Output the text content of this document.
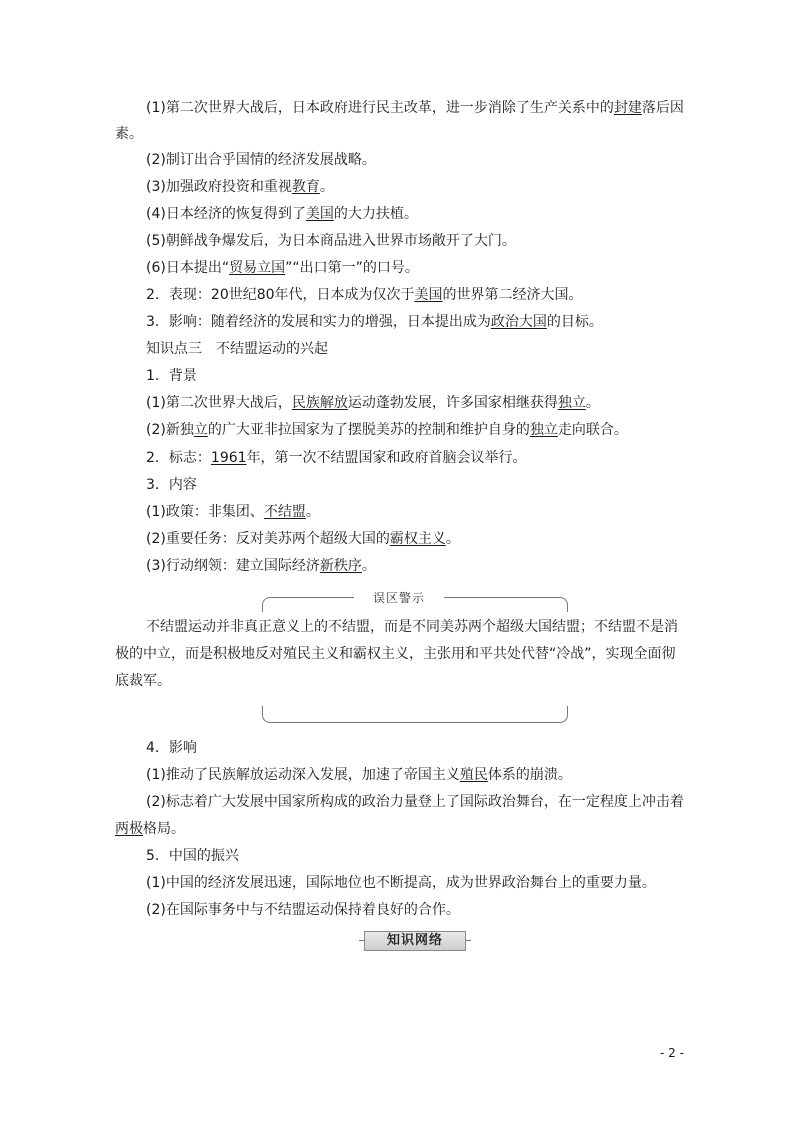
(1)第二次世界大战后，日本政府进行民主改革，进一步消除了生产关系中的封建落后因
素。
(2)制订出合乎国情的经济发展战略。
(3)加强政府投资和重视教育。
(4)日本经济的恢复得到了美国的大力扶植。
(5)朝鲜战争爆发后，为日本商品进入世界市场敞开了大门。
(6)日本提出“贸易立国”“出口第一”的口号。
2．表现：20世纪80年代，日本成为仅次于美国的世界第二经济大国。
3．影响：随着经济的发展和实力的增强，日本提出成为政治大国的目标。
知识点三　不结盟运动的兴起
1．背景
(1)第二次世界大战后，民族解放运动蓬勃发展，许多国家相继获得独立。
(2)新独立的广大亚非拉国家为了摆脱美苏的控制和维护自身的独立走向联合。
2．标志：1961年，第一次不结盟国家和政府首脑会议举行。
3．内容
(1)政策：非集团、不结盟。
(2)重要任务：反对美苏两个超级大国的霸权主义。
(3)行动纲领：建立国际经济新秩序。
误区警示
不结盟运动并非真正意义上的不结盟，而是不同美苏两个超级大国结盟；不结盟不是消极的中立，而是积极地反对殖民主义和霸权主义，主张用和平共处代替“冷战”，实现全面彻底裁军。
4．影响
(1)推动了民族解放运动深入发展，加速了帝国主义殖民体系的崩溃。
(2)标志着广大发展中国家所构成的政治力量登上了国际政治舞台，在一定程度上冲击着
两极格局。
5．中国的振兴
(1)中国的经济发展迅速，国际地位也不断提高，成为世界政治舞台上的重要力量。
(2)在国际事务中与不结盟运动保持着良好的合作。
知识网络
- 2 -
